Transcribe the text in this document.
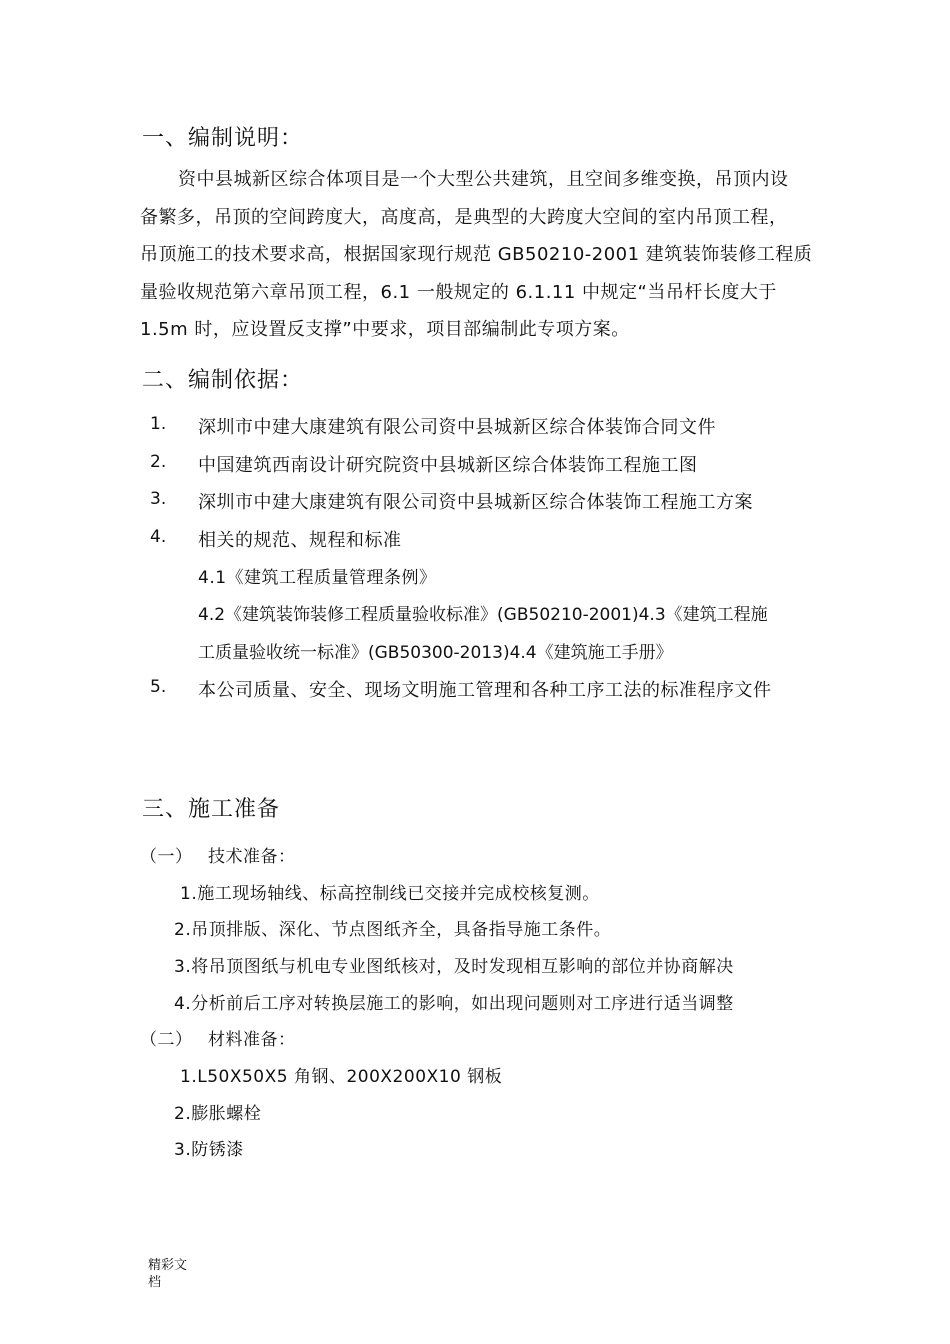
一、编制说明：
资中县城新区综合体项目是一个大型公共建筑，且空间多维变换，吊顶内设
备繁多，吊顶的空间跨度大，高度高，是典型的大跨度大空间的室内吊顶工程，
吊顶施工的技术要求高，根据国家现行规范 GB50210-2001 建筑装饰装修工程质
量验收规范第六章吊顶工程，6.1 一般规定的 6.1.11 中规定“当吊杆长度大于
1.5m 时，应设置反支撑”中要求，项目部编制此专项方案。
二、编制依据：
1. 深圳市中建大康建筑有限公司资中县城新区综合体装饰合同文件
2. 中国建筑西南设计研究院资中县城新区综合体装饰工程施工图
3. 深圳市中建大康建筑有限公司资中县城新区综合体装饰工程施工方案
4. 相关的规范、规程和标准
4.1《建筑工程质量管理条例》
4.2《建筑装饰装修工程质量验收标准》(GB50210-2001)4.3《建筑工程施
工质量验收统一标准》(GB50300-2013)4.4《建筑施工手册》
5. 本公司质量、安全、现场文明施工管理和各种工序工法的标准程序文件
三、施工准备
（一） 技术准备：
1.施工现场轴线、标高控制线已交接并完成校核复测。
2.吊顶排版、深化、节点图纸齐全，具备指导施工条件。
3.将吊顶图纸与机电专业图纸核对，及时发现相互影响的部位并协商解决
4.分析前后工序对转换层施工的影响，如出现问题则对工序进行适当调整
（二） 材料准备：
1.L50X50X5 角钢、200X200X10 钢板
2.膨胀螺栓
3.防锈漆
精彩文
档
